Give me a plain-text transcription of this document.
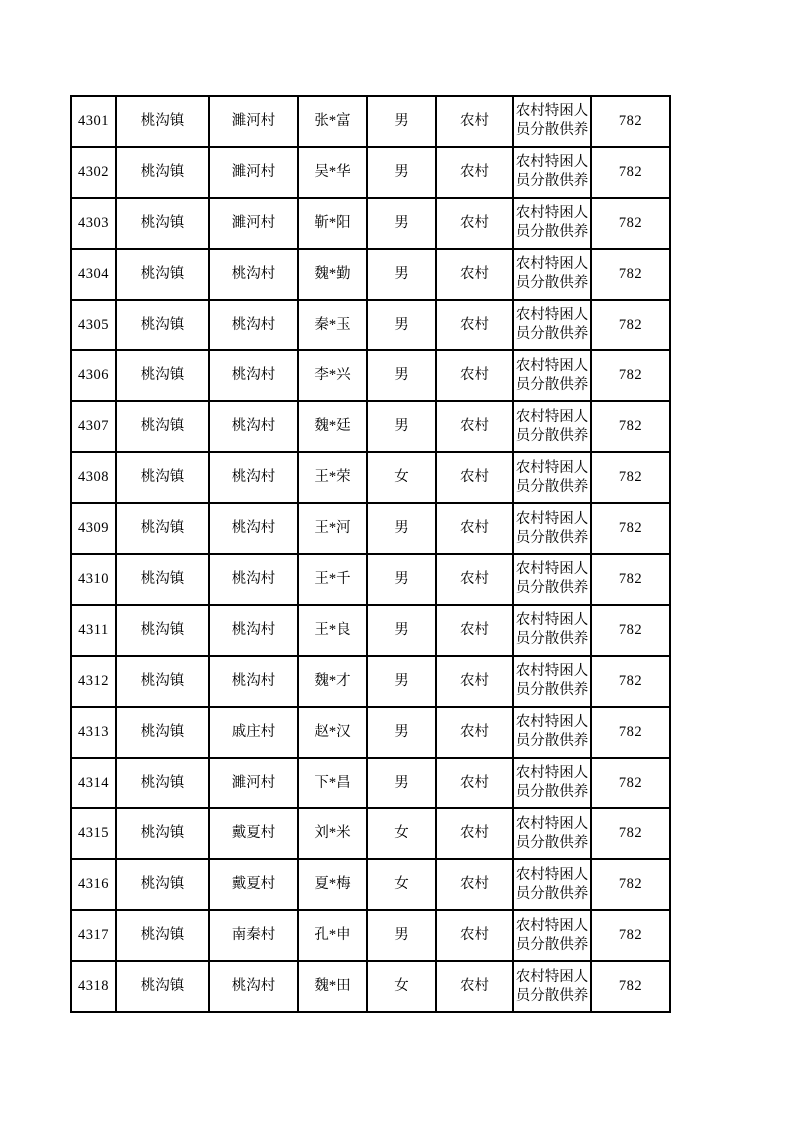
4301	桃沟镇	濉河村	张*富	男	农村	农村特困人员分散供养	782
4302	桃沟镇	濉河村	吴*华	男	农村	农村特困人员分散供养	782
4303	桃沟镇	濉河村	靳*阳	男	农村	农村特困人员分散供养	782
4304	桃沟镇	桃沟村	魏*勤	男	农村	农村特困人员分散供养	782
4305	桃沟镇	桃沟村	秦*玉	男	农村	农村特困人员分散供养	782
4306	桃沟镇	桃沟村	李*兴	男	农村	农村特困人员分散供养	782
4307	桃沟镇	桃沟村	魏*廷	男	农村	农村特困人员分散供养	782
4308	桃沟镇	桃沟村	王*荣	女	农村	农村特困人员分散供养	782
4309	桃沟镇	桃沟村	王*河	男	农村	农村特困人员分散供养	782
4310	桃沟镇	桃沟村	王*千	男	农村	农村特困人员分散供养	782
4311	桃沟镇	桃沟村	王*良	男	农村	农村特困人员分散供养	782
4312	桃沟镇	桃沟村	魏*才	男	农村	农村特困人员分散供养	782
4313	桃沟镇	戚庄村	赵*汉	男	农村	农村特困人员分散供养	782
4314	桃沟镇	濉河村	下*昌	男	农村	农村特困人员分散供养	782
4315	桃沟镇	戴夏村	刘*米	女	农村	农村特困人员分散供养	782
4316	桃沟镇	戴夏村	夏*梅	女	农村	农村特困人员分散供养	782
4317	桃沟镇	南秦村	孔*申	男	农村	农村特困人员分散供养	782
4318	桃沟镇	桃沟村	魏*田	女	农村	农村特困人员分散供养	782
